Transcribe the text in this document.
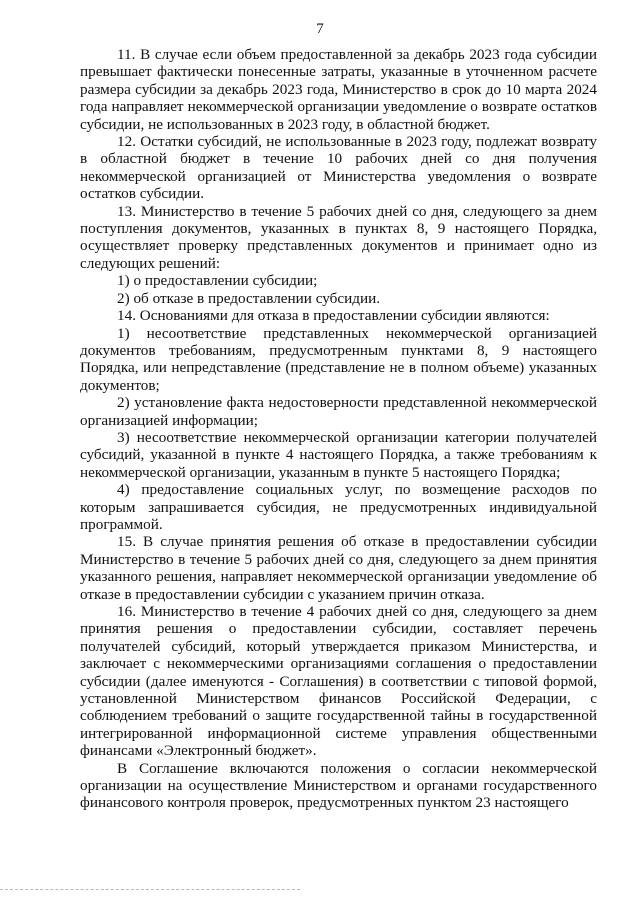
7

11. В случае если объем предоставленной за декабрь 2023 года субсидии превышает фактически понесенные затраты, указанные в уточненном расчете размера субсидии за декабрь 2023 года, Министерство в срок до 10 марта 2024 года направляет некоммерческой организации уведомление о возврате остатков субсидии, не использованных в 2023 году, в областной бюджет.

12. Остатки субсидий, не использованные в 2023 году, подлежат возврату в областной бюджет в течение 10 рабочих дней со дня получения некоммерческой организацией от Министерства уведомления о возврате остатков субсидии.

13. Министерство в течение 5 рабочих дней со дня, следующего за днем поступления документов, указанных в пунктах 8, 9 настоящего Порядка, осуществляет проверку представленных документов и принимает одно из следующих решений:

1) о предоставлении субсидии;

2) об отказе в предоставлении субсидии.

14. Основаниями для отказа в предоставлении субсидии являются:

1) несоответствие представленных некоммерческой организацией документов требованиям, предусмотренным пунктами 8, 9 настоящего Порядка, или непредставление (представление не в полном объеме) указанных документов;

2) установление факта недостоверности представленной некоммерческой организацией информации;

3) несоответствие некоммерческой организации категории получателей субсидий, указанной в пункте 4 настоящего Порядка, а также требованиям к некоммерческой организации, указанным в пункте 5 настоящего Порядка;

4) предоставление социальных услуг, по возмещение расходов по которым запрашивается субсидия, не предусмотренных индивидуальной программой.

15. В случае принятия решения об отказе в предоставлении субсидии Министерство в течение 5 рабочих дней со дня, следующего за днем принятия указанного решения, направляет некоммерческой организации уведомление об отказе в предоставлении субсидии с указанием причин отказа.

16. Министерство в течение 4 рабочих дней со дня, следующего за днем принятия решения о предоставлении субсидии, составляет перечень получателей субсидий, который утверждается приказом Министерства, и заключает с некоммерческими организациями соглашения о предоставлении субсидии (далее именуются - Соглашения) в соответствии с типовой формой, установленной Министерством финансов Российской Федерации, с соблюдением требований о защите государственной тайны в государственной интегрированной информационной системе управления общественными финансами «Электронный бюджет».

В Соглашение включаются положения о согласии некоммерческой организации на осуществление Министерством и органами государственного финансового контроля проверок, предусмотренных пунктом 23 настоящего
